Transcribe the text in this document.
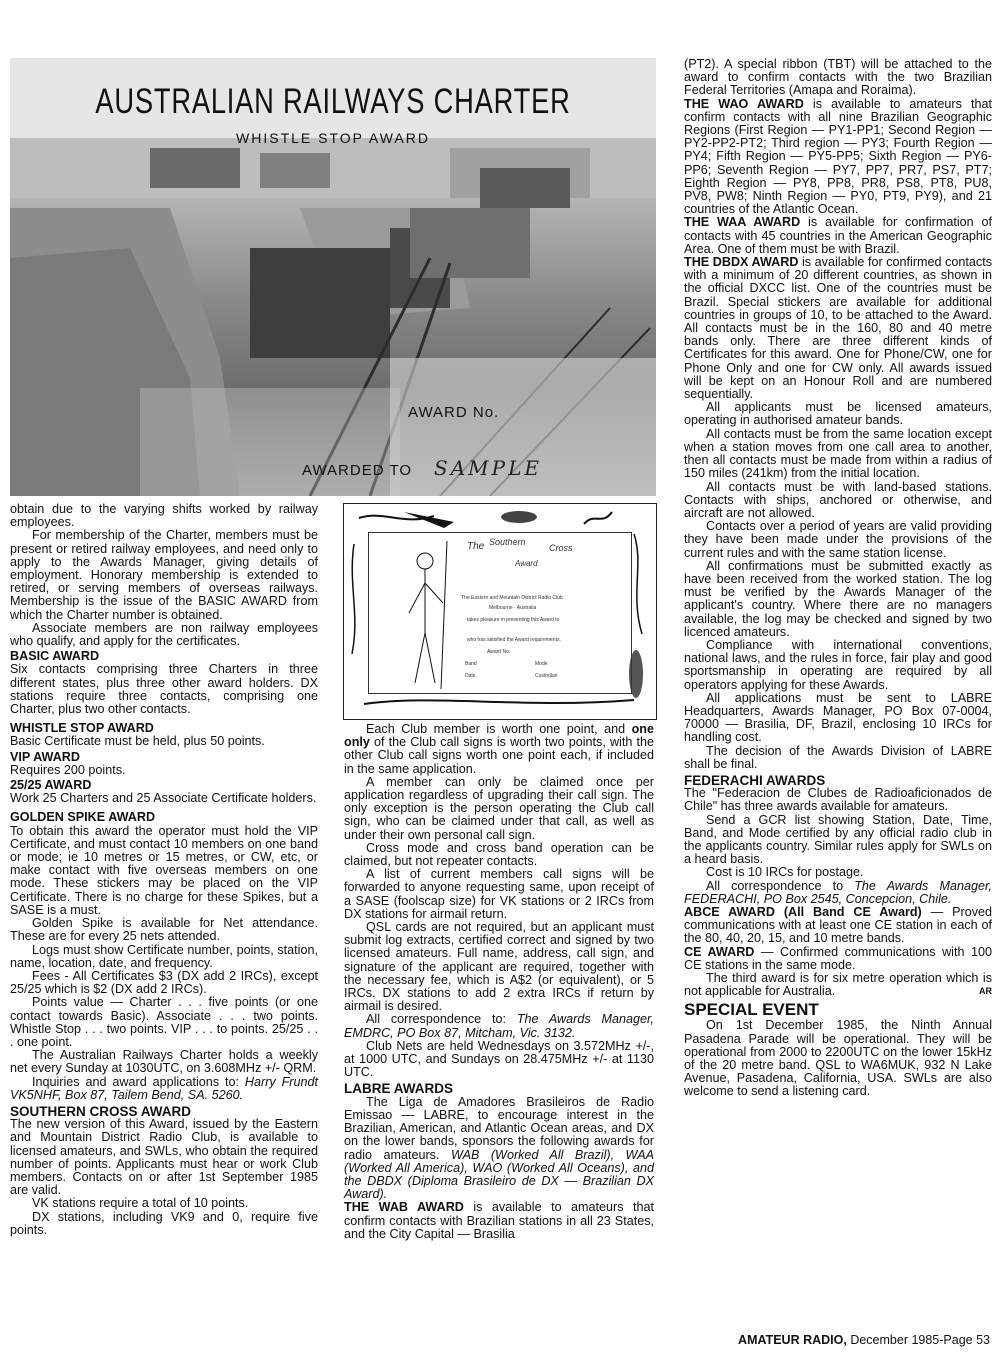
AUSTRALIAN RAILWAYS CHARTER
WHISTLE STOP AWARD
AWARD No.
AWARDED TO SAMPLE
The Southern
Cross
Award
The Eastern and Mountain District Radio Club
Melbourne · Australia
takes pleasure in presenting this Award to
who has satisfied the Award requirements.
Award No.
Band	Mode
Date	Custodian

obtain due to the varying shifts worked by railway employees.

For membership of the Charter, members must be present or retired railway employees, and need only to apply to the Awards Manager, giving details of employment. Honorary membership is extended to retired, or serving members of overseas railways. Membership is the issue of the BASIC AWARD from which the Charter number is obtained.

Associate members are non railway employees who qualify, and apply for the certificates.

BASIC AWARD

Six contacts comprising three Charters in three different states, plus three other award holders. DX stations require three contacts, comprising one Charter, plus two other contacts.

WHISTLE STOP AWARD

Basic Certificate must be held, plus 50 points.

VIP AWARD

Requires 200 points.

25/25 AWARD

Work 25 Charters and 25 Associate Certificate holders.

GOLDEN SPIKE AWARD

To obtain this award the operator must hold the VIP Certificate, and must contact 10 members on one band or mode; ie 10 metres or 15 metres, or CW, etc, or make contact with five overseas members on one mode. These stickers may be placed on the VIP Certificate. There is no charge for these Spikes, but a SASE is a must.

Golden Spike is available for Net attendance. These are for every 25 nets attended.

Logs must show Certificate number, points, station, name, location, date, and frequency.

Fees - All Certificates $3 (DX add 2 IRCs), except 25/25 which is $2 (DX add 2 IRCs).

Points value — Charter . . . five points (or one contact towards Basic). Associate . . . two points. Whistle Stop . . . two points. VIP . . . to points. 25/25 . . . one point.

The Australian Railways Charter holds a weekly net every Sunday at 1030UTC, on 3.608MHz +/- QRM.

Inquiries and award applications to: Harry Frundt VK5NHF, Box 87, Tailem Bend, SA. 5260.

SOUTHERN CROSS AWARD

The new version of this Award, issued by the Eastern and Mountain District Radio Club, is available to licensed amateurs, and SWLs, who obtain the required number of points. Applicants must hear or work Club members. Contacts on or after 1st September 1985 are valid.

VK stations require a total of 10 points.

DX stations, including VK9 and 0, require five points.

Each Club member is worth one point, and one only of the Club call signs is worth two points, with the other Club call signs worth one point each, if included in the same application.

A member can only be claimed once per application regardless of upgrading their call sign. The only exception is the person operating the Club call sign, who can be claimed under that call, as well as under their own personal call sign.

Cross mode and cross band operation can be claimed, but not repeater contacts.

A list of current members call signs will be forwarded to anyone requesting same, upon receipt of a SASE (foolscap size) for VK stations or 2 IRCs from DX stations for airmail return.

QSL cards are not required, but an applicant must submit log extracts, certified correct and signed by two licensed amateurs. Full name, address, call sign, and signature of the applicant are required, together with the necessary fee, which is A$2 (or equivalent), or 5 IRCs. DX stations to add 2 extra IRCs if return by airmail is desired.

All correspondence to: The Awards Manager, EMDRC, PO Box 87, Mitcham, Vic. 3132.

Club Nets are held Wednesdays on 3.572MHz +/-, at 1000 UTC, and Sundays on 28.475MHz +/- at 1130 UTC.

LABRE AWARDS

The Liga de Amadores Brasileiros de Radio Emissao — LABRE, to encourage interest in the Brazilian, American, and Atlantic Ocean areas, and DX on the lower bands, sponsors the following awards for radio amateurs. WAB (Worked All Brazil), WAA (Worked All America), WAO (Worked All Oceans), and the DBDX (Diploma Brasileiro de DX — Brazilian DX Award).

THE WAB AWARD is available to amateurs that confirm contacts with Brazilian stations in all 23 States, and the City Capital — Brasilia

(PT2). A special ribbon (TBT) will be attached to the award to confirm contacts with the two Brazilian Federal Territories (Amapa and Roraima).

THE WAO AWARD is available to amateurs that confirm contacts with all nine Brazilian Geographic Regions (First Region — PY1-PP1; Second Region — PY2-PP2-PT2; Third region — PY3; Fourth Region — PY4; Fifth Region — PY5-PP5; Sixth Region — PY6-PP6; Seventh Region — PY7, PP7, PR7, PS7, PT7; Eighth Region — PY8, PP8, PR8, PS8, PT8, PU8, PV8, PW8; Ninth Region — PY0, PT9, PY9), and 21 countries of the Atlantic Ocean.

THE WAA AWARD is available for confirmation of contacts with 45 countries in the American Geographic Area. One of them must be with Brazil.

THE DBDX AWARD is available for confirmed contacts with a minimum of 20 different countries, as shown in the official DXCC list. One of the countries must be Brazil. Special stickers are available for additional countries in groups of 10, to be attached to the Award. All contacts must be in the 160, 80 and 40 metre bands only. There are three different kinds of Certificates for this award. One for Phone/CW, one for Phone Only and one for CW only. All awards issued will be kept on an Honour Roll and are numbered sequentially.

All applicants must be licensed amateurs, operating in authorised amateur bands.

All contacts must be from the same location except when a station moves from one call area to another, then all contacts must be made from within a radius of 150 miles (241km) from the initial location.

All contacts must be with land-based stations. Contacts with ships, anchored or otherwise, and aircraft are not allowed.

Contacts over a period of years are valid providing they have been made under the provisions of the current rules and with the same station license.

All confirmations must be submitted exactly as have been received from the worked station. The log must be verified by the Awards Manager of the applicant's country. Where there are no managers available, the log may be checked and signed by two licenced amateurs.

Compliance with international conventions, national laws, and the rules in force, fair play and good sportsmanship in operating are required by all operators applying for these Awards.

All applications must be sent to LABRE Headquarters, Awards Manager, PO Box 07-0004, 70000 — Brasilia, DF, Brazil, enclosing 10 IRCs for handling cost.

The decision of the Awards Division of LABRE shall be final.

FEDERACHI AWARDS

The "Federacion de Clubes de Radioaficionados de Chile" has three awards available for amateurs.

Send a GCR list showing Station, Date, Time, Band, and Mode certified by any official radio club in the applicants country. Similar rules apply for SWLs on a heard basis.

Cost is 10 IRCs for postage.

All correspondence to The Awards Manager, FEDERACHI, PO Box 2545, Concepcion, Chile.

ABCE AWARD (All Band CE Award) — Proved communications with at least one CE station in each of the 80, 40, 20, 15, and 10 metre bands.

CE AWARD — Confirmed communications with 100 CE stations in the same mode.

The third award is for six metre operation which is not applicable for Australia.	AR

SPECIAL EVENT

On 1st December 1985, the Ninth Annual Pasadena Parade will be operational. They will be operational from 2000 to 2200UTC on the lower 15kHz of the 20 metre band. QSL to WA6MUK, 932 N Lake Avenue, Pasadena, California, USA. SWLs are also welcome to send a listening card.

AMATEUR RADIO, December 1985-Page 53
